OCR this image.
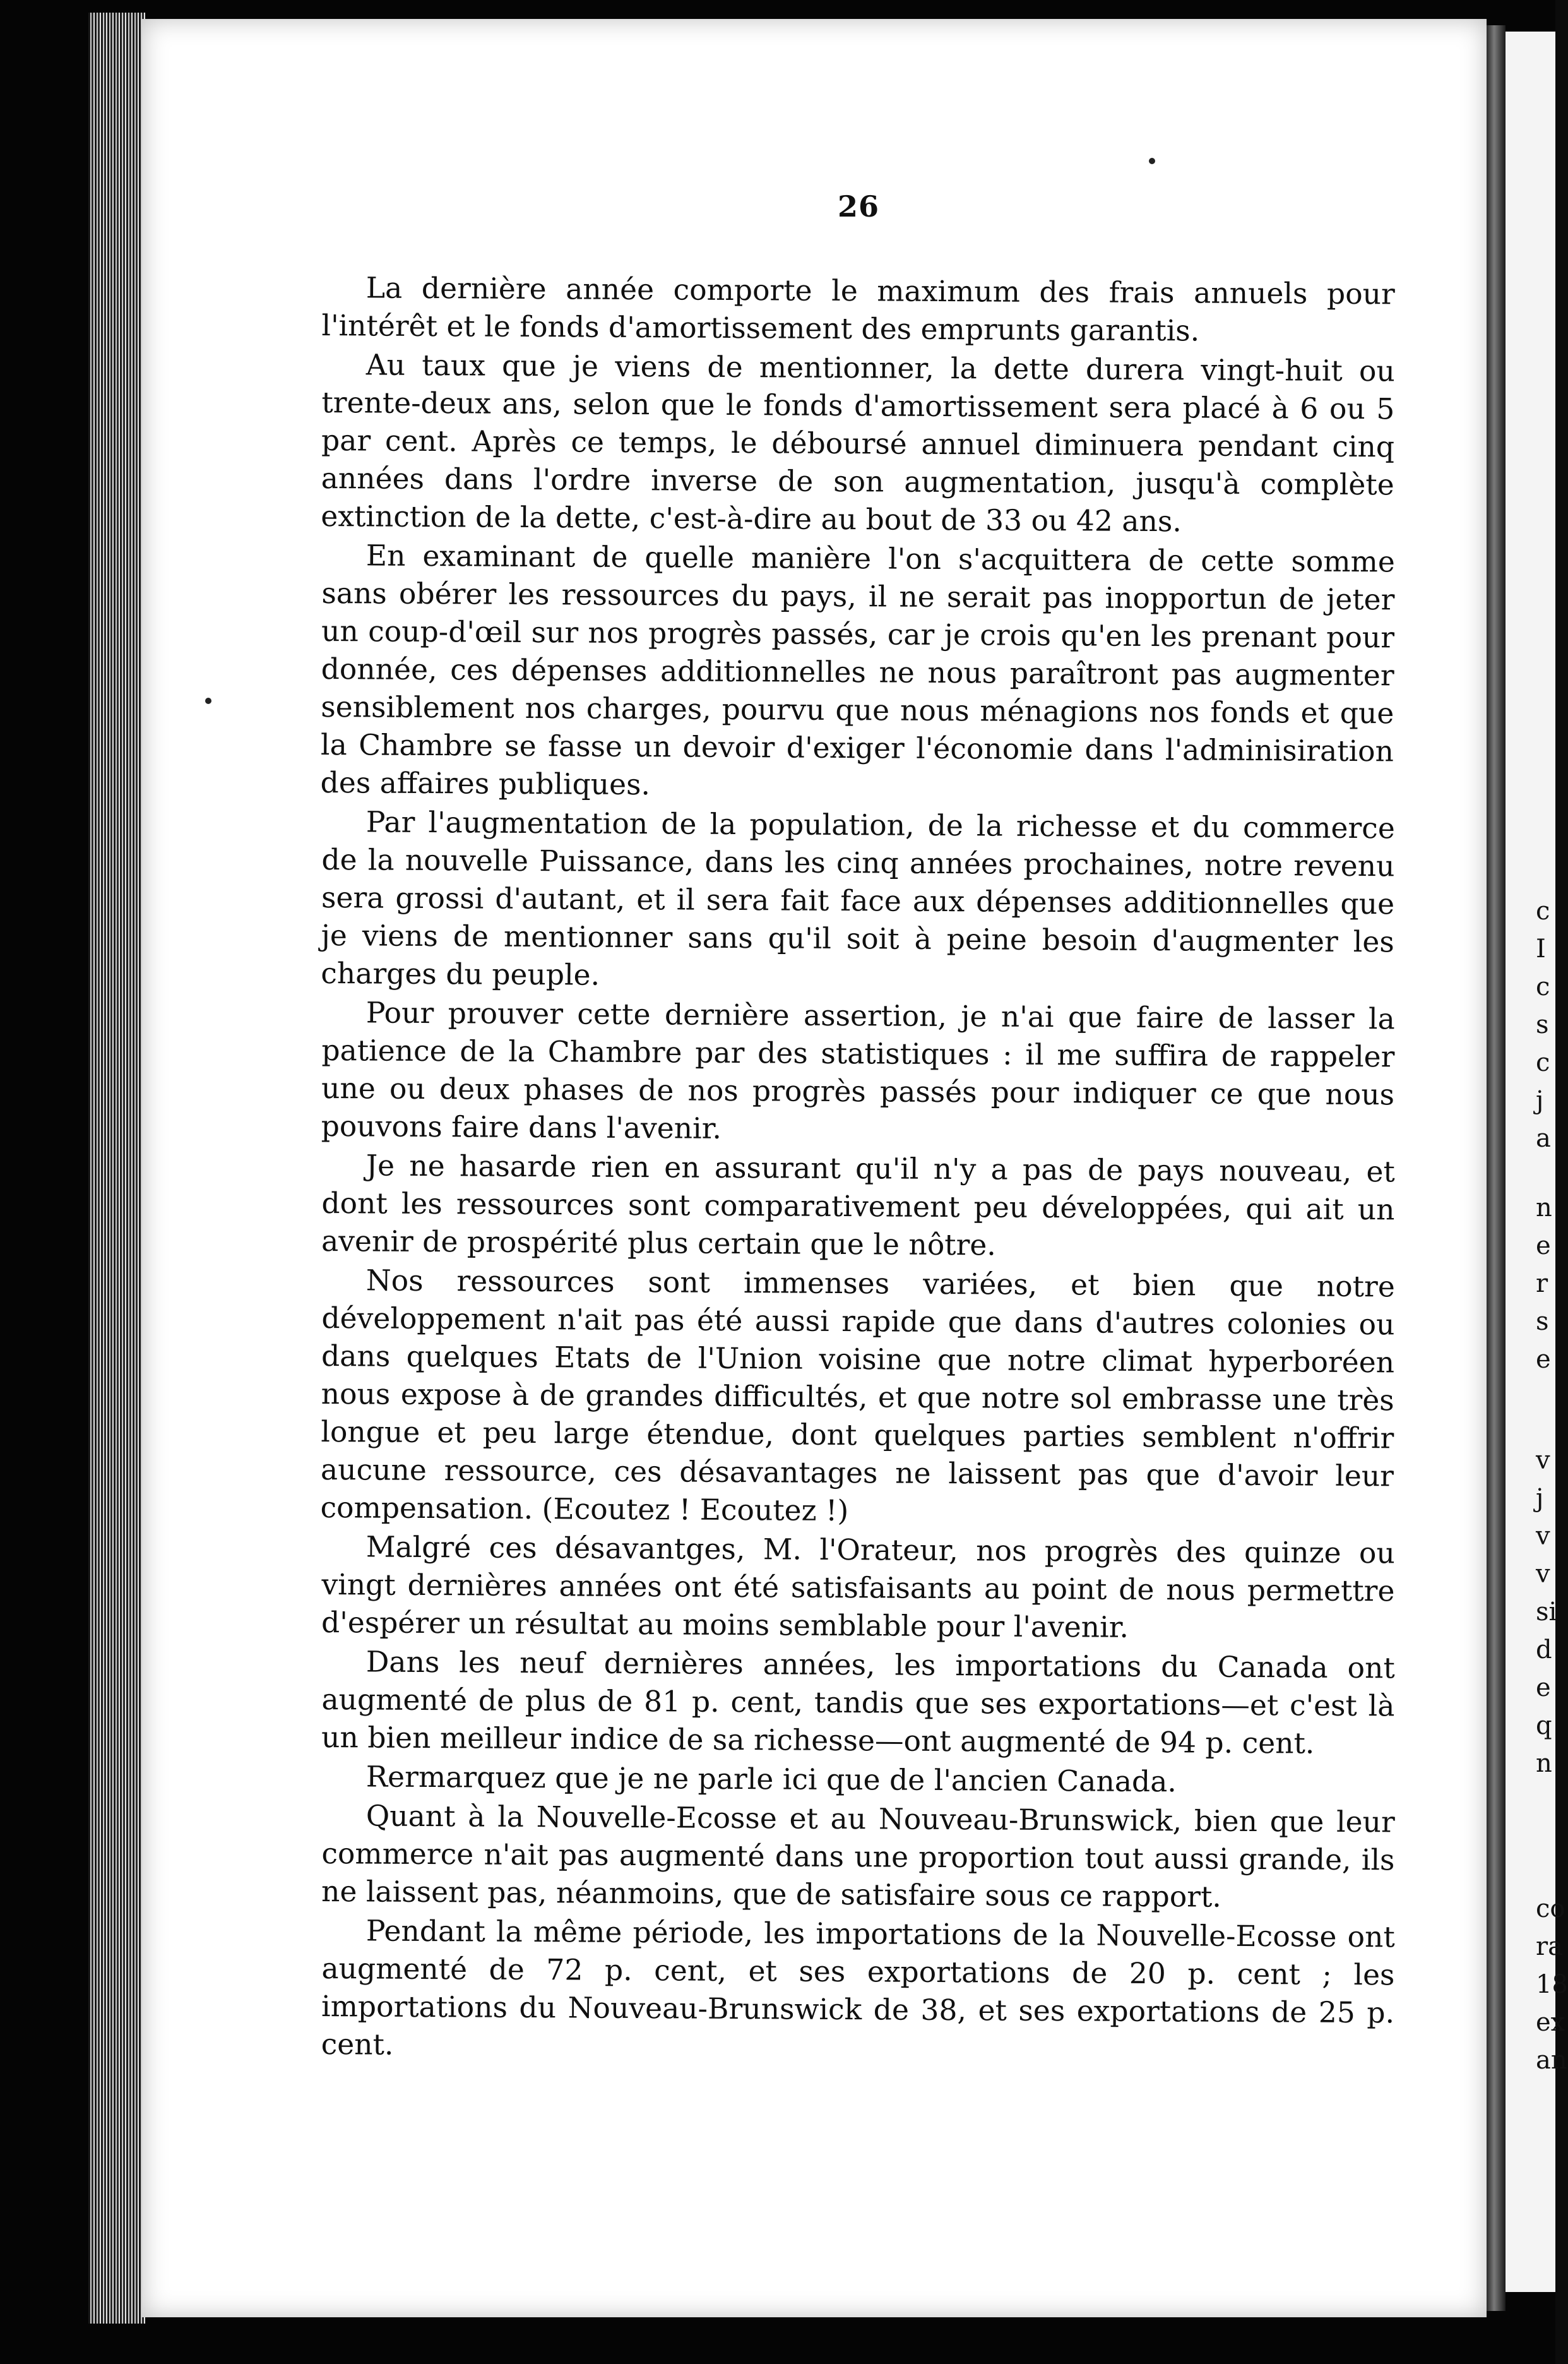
c
I
c
s
c
j
a
n
e
r
s
e
v
j
v
v
si
d
e
q
n
co
ra
18
ex
an
26

La dernière année comporte le maximum des frais annuels pour l'intérêt et le fonds d'amortissement des emprunts garantis.

Au taux que je viens de mentionner, la dette durera vingt-huit ou trente-deux ans, selon que le fonds d'amortissement sera placé à 6 ou 5 par cent. Après ce temps, le déboursé annuel diminuera pendant cinq années dans l'ordre inverse de son augmentation, jusqu'à complète extinction de la dette, c'est-à-dire au bout de 33 ou 42 ans.

En examinant de quelle manière l'on s'acquittera de cette somme sans obérer les ressources du pays, il ne serait pas inopportun de jeter un coup-d'œil sur nos progrès passés, car je crois qu'en les prenant pour donnée, ces dépenses additionnelles ne nous paraîtront pas augmenter sensiblement nos charges, pourvu que nous ménagions nos fonds et que la Chambre se fasse un devoir d'exiger l'économie dans l'adminisiration des affaires publiques.

Par l'augmentation de la population, de la richesse et du commerce de la nouvelle Puissance, dans les cinq années prochaines, notre revenu sera grossi d'autant, et il sera fait face aux dépenses additionnelles que je viens de mentionner sans qu'il soit à peine besoin d'augmenter les charges du peuple.

Pour prouver cette dernière assertion, je n'ai que faire de lasser la patience de la Chambre par des statistiques : il me suffira de rappeler une ou deux phases de nos progrès passés pour indiquer ce que nous pouvons faire dans l'avenir.

Je ne hasarde rien en assurant qu'il n'y a pas de pays nouveau, et dont les ressources sont comparativement peu développées, qui ait un avenir de prospérité plus certain que le nôtre.

Nos ressources sont immenses variées, et bien que notre développement n'ait pas été aussi rapide que dans d'autres colonies ou dans quelques Etats de l'Union voisine que notre climat hyperboréen nous expose à de grandes difficultés, et que notre sol embrasse une très longue et peu large étendue, dont quelques parties semblent n'offrir aucune ressource, ces désavantages ne laissent pas que d'avoir leur compensation. (Ecoutez ! Ecoutez !)

Malgré ces désavantges, M. l'Orateur, nos progrès des quinze ou vingt dernières années ont été satisfaisants au point de nous permettre d'espérer un résultat au moins semblable pour l'avenir.

Dans les neuf dernières années, les importations du Canada ont augmenté de plus de 81 p. cent, tandis que ses exportations—et c'est là un bien meilleur indice de sa richesse—ont augmenté de 94 p. cent.

Rermarquez que je ne parle ici que de l'ancien Canada.

Quant à la Nouvelle-Ecosse et au Nouveau-Brunswick, bien que leur commerce n'ait pas augmenté dans une proportion tout aussi grande, ils ne laissent pas, néanmoins, que de satisfaire sous ce rapport.

Pendant la même période, les importations de la Nouvelle-Ecosse ont augmenté de 72 p. cent, et ses exportations de 20 p. cent ; les importations du Nouveau-Brunswick de 38, et ses exportations de 25 p. cent.
